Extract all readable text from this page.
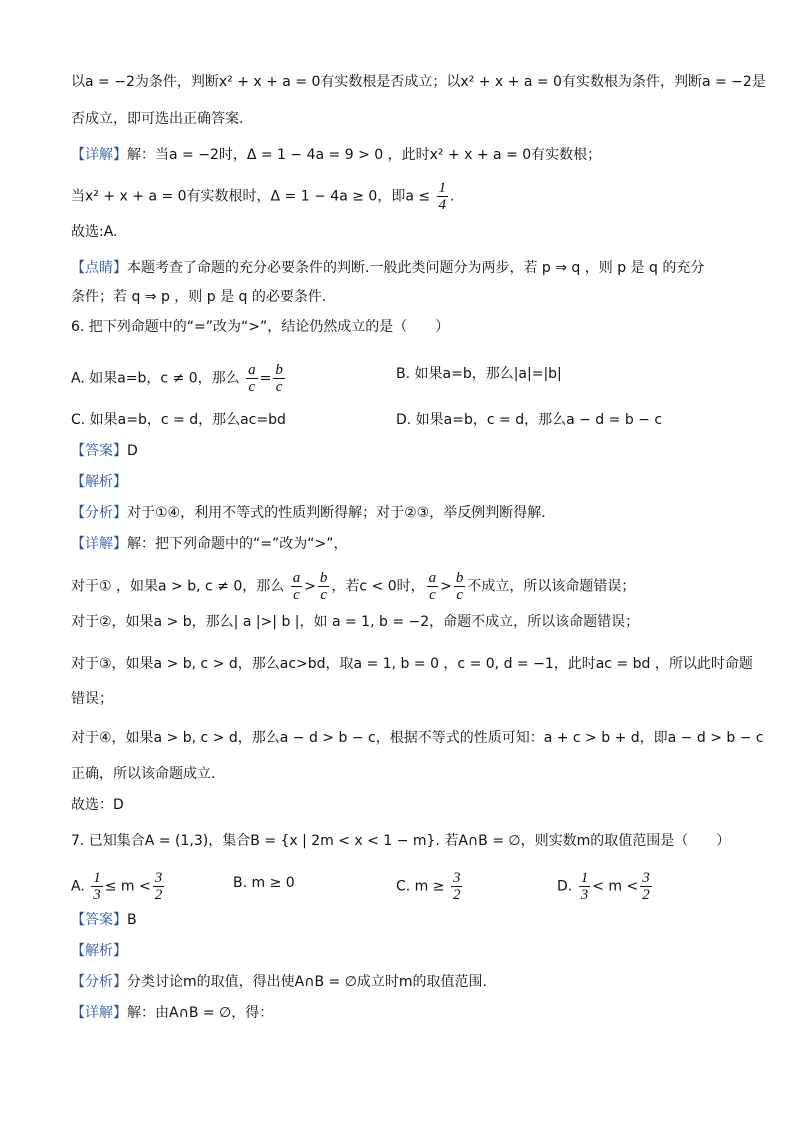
以a = −2为条件，判断x² + x + a = 0有实数根是否成立；以x² + x + a = 0有实数根为条件，判断a = −2是
否成立，即可选出正确答案.
【详解】解：当a = −2时，Δ = 1 − 4a = 9 > 0 ，此时x² + x + a = 0有实数根；
当x² + x + a = 0有实数根时，Δ = 1 − 4a ≥ 0，即$a \le \frac{1}{4}$ .
故选:A.
【点睛】本题考查了命题的充分必要条件的判断.一般此类问题分为两步，若 p ⇒ q ，则 p 是 q 的充分
条件；若 q ⇒ p ，则 p 是 q 的必要条件.
6. 把下列命题中的“=”改为“>”，结论仍然成立的是（　　）
A. 如果a=b，c ≠ 0，那么 $\frac{a}{c} = \frac{b}{c}$	B. 如果a=b，那么|a|=|b|
C. 如果a=b，c = d，那么ac=bd	D. 如果a=b，c = d，那么a − d = b − c
【答案】D
【解析】
【分析】对于①④，利用不等式的性质判断得解；对于②③，举反例判断得解.
【详解】解：把下列命题中的“=”改为“>”，
对于① ，如果a > b, c ≠ 0，那么 $\frac{a}{c} > \frac{b}{c}$ ，若c < 0时， $\frac{a}{c} > \frac{b}{c}$ 不成立，所以该命题错误；
对于②，如果a > b，那么| a |>| b |，如 a = 1, b = −2，命题不成立，所以该命题错误；
对于③，如果a > b, c > d，那么ac>bd，取a = 1, b = 0 ，c = 0, d = −1，此时ac = bd ，所以此时命题
错误；
对于④，如果a > b, c > d，那么a − d > b − c，根据不等式的性质可知：a + c > b + d，即a − d > b − c
正确，所以该命题成立.
故选：D
7. 已知集合A = (1,3)，集合B = {x | 2m < x < 1 − m}. 若A∩B = ∅，则实数m的取值范围是（　　）
A. $\frac{1}{3} \le m < \frac{3}{2}$	B. m ≥ 0	C. $m \ge \frac{3}{2}$	D. $\frac{1}{3} < m < \frac{3}{2}$
【答案】B
【解析】
【分析】分类讨论m的取值，得出使A∩B = ∅成立时m的取值范围.
【详解】解：由A∩B = ∅，得：
